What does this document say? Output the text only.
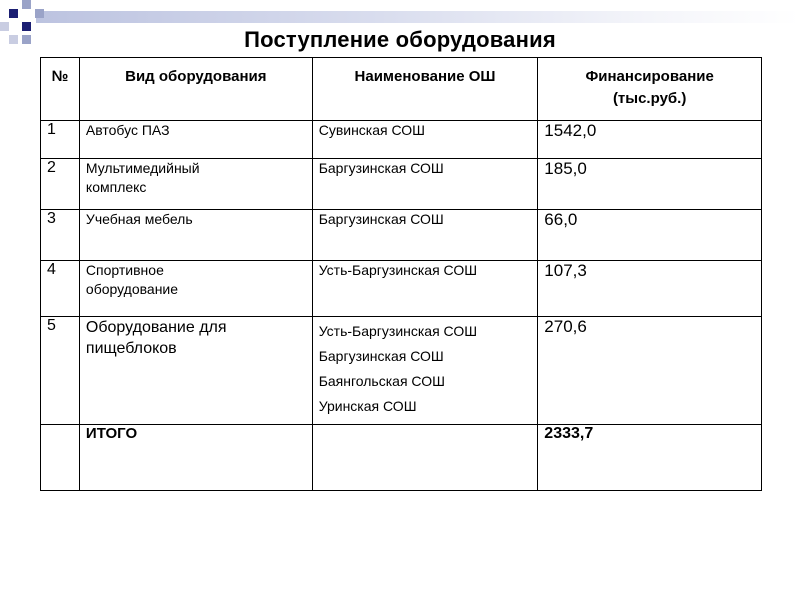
Поступление оборудования
№	Вид оборудования	Наименование ОШ	Финансирование
(тыс.руб.)

1	Автобус ПАЗ	Сувинская СОШ	1542,0
2	Мультимедийный комплекс	Баргузинская СОШ	185,0
3	Учебная мебель	Баргузинская СОШ	66,0
4	Спортивное оборудование	Усть-Баргузинская СОШ	107,3
5	Оборудование для пищеблоков	Усть-Баргузинская СОШ
Баргузинская СОШ
Баянгольская СОШ
Уринская СОШ	270,6
	ИТОГО		2333,7
